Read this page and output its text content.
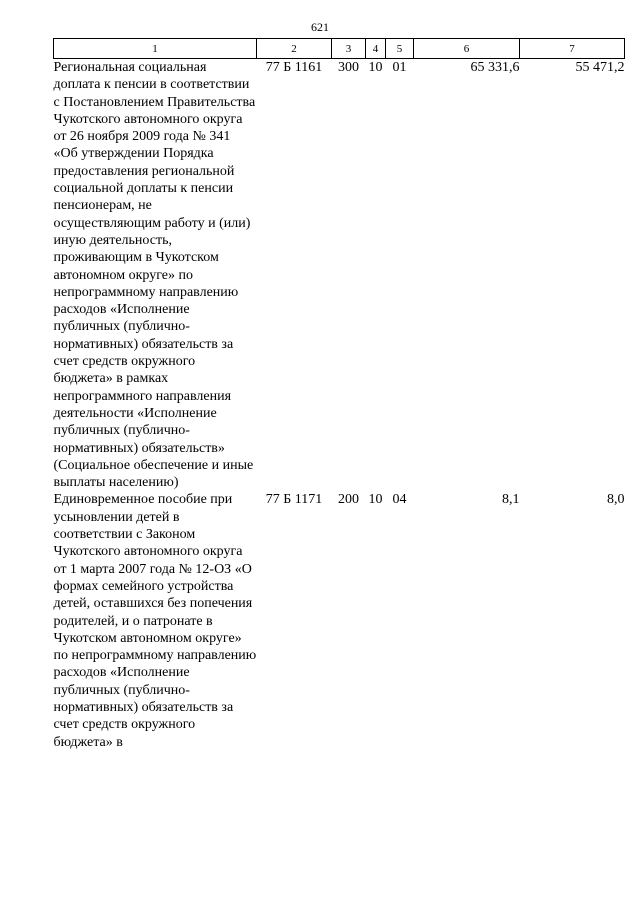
621
1	2	3	4	5	6	7
Региональная социальная доплата к пенсии в соответствии с Постановлением Правительства Чукотского автономного округа от 26 ноября 2009 года № 341 «Об утверждении Порядка предоставления региональной социальной доплаты к пенсии пенсионерам, не осуществляющим работу и (или) иную деятельность, проживающим в Чукотском автономном округе» по непрограммному направлению расходов «Исполнение публичных (публично-нормативных) обязательств за счет средств окружного бюджета» в рамках непрограммного направления деятельности «Исполнение публичных (публично-нормативных) обязательств» (Социальное обеспечение и иные выплаты населению)	77 Б 1161	300	10	01	65 331,6	55 471,2
Единовременное пособие при усыновлении детей в соответствии с Законом Чукотского автономного округа от 1 марта 2007 года № 12-ОЗ «О формах семейного устройства детей, оставшихся без попечения родителей, и о патронате в Чукотском автономном округе» по непрограммному направлению расходов «Исполнение публичных (публично-нормативных) обязательств за счет средств окружного бюджета» в	77 Б 1171	200	10	04	8,1	8,0
